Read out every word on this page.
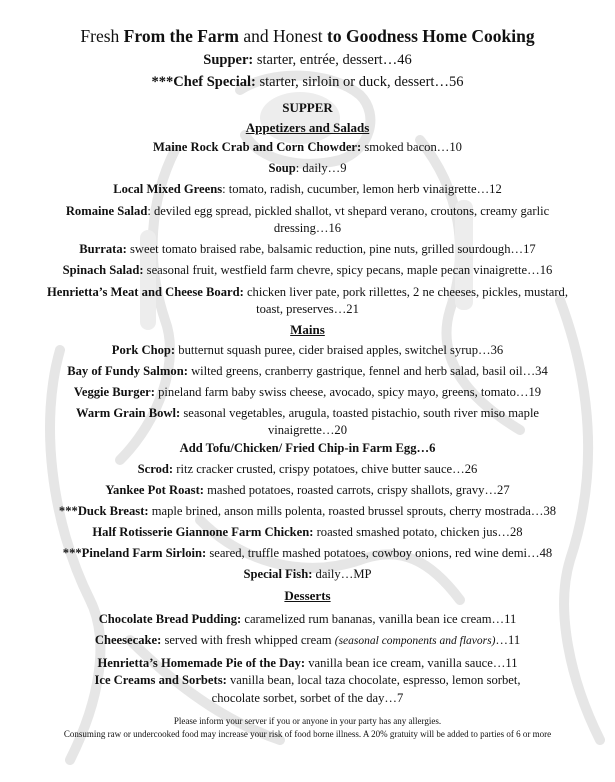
Fresh From the Farm and Honest to Goodness Home Cooking
Supper: starter, entrée, dessert…46
***Chef Special: starter, sirloin or duck, dessert…56
SUPPER
Appetizers and Salads
Maine Rock Crab and Corn Chowder: smoked bacon…10
Soup: daily…9
Local Mixed Greens: tomato, radish, cucumber, lemon herb vinaigrette…12
Romaine Salad: deviled egg spread, pickled shallot, vt shepard verano, croutons, creamy garlic
dressing…16
Burrata: sweet tomato braised rabe, balsamic reduction, pine nuts, grilled sourdough…17
Spinach Salad: seasonal fruit, westfield farm chevre, spicy pecans, maple pecan vinaigrette…16
Henrietta’s Meat and Cheese Board: chicken liver pate, pork rillettes, 2 ne cheeses, pickles, mustard,
toast, preserves…21
Mains
Pork Chop: butternut squash puree, cider braised apples, switchel syrup…36
Bay of Fundy Salmon: wilted greens, cranberry gastrique, fennel and herb salad, basil oil…34
Veggie Burger: pineland farm baby swiss cheese, avocado, spicy mayo, greens, tomato…19
Warm Grain Bowl: seasonal vegetables, arugula, toasted pistachio, south river miso maple
vinaigrette…20
Add Tofu/Chicken/ Fried Chip-in Farm Egg…6
Scrod: ritz cracker crusted, crispy potatoes, chive butter sauce…26
Yankee Pot Roast: mashed potatoes, roasted carrots, crispy shallots, gravy…27
***Duck Breast: maple brined, anson mills polenta, roasted brussel sprouts, cherry mostrada…38
Half Rotisserie Giannone Farm Chicken: roasted smashed potato, chicken jus…28
***Pineland Farm Sirloin: seared, truffle mashed potatoes, cowboy onions, red wine demi…48
Special Fish: daily…MP
Desserts
Chocolate Bread Pudding: caramelized rum bananas, vanilla bean ice cream…11
Cheesecake: served with fresh whipped cream (seasonal components and flavors)…11
Henrietta’s Homemade Pie of the Day: vanilla bean ice cream, vanilla sauce…11
Ice Creams and Sorbets: vanilla bean, local taza chocolate, espresso, lemon sorbet,
chocolate sorbet, sorbet of the day…7
Please inform your server if you or anyone in your party has any allergies.
Consuming raw or undercooked food may increase your risk of food borne illness. A 20% gratuity will be added to parties of 6 or more
